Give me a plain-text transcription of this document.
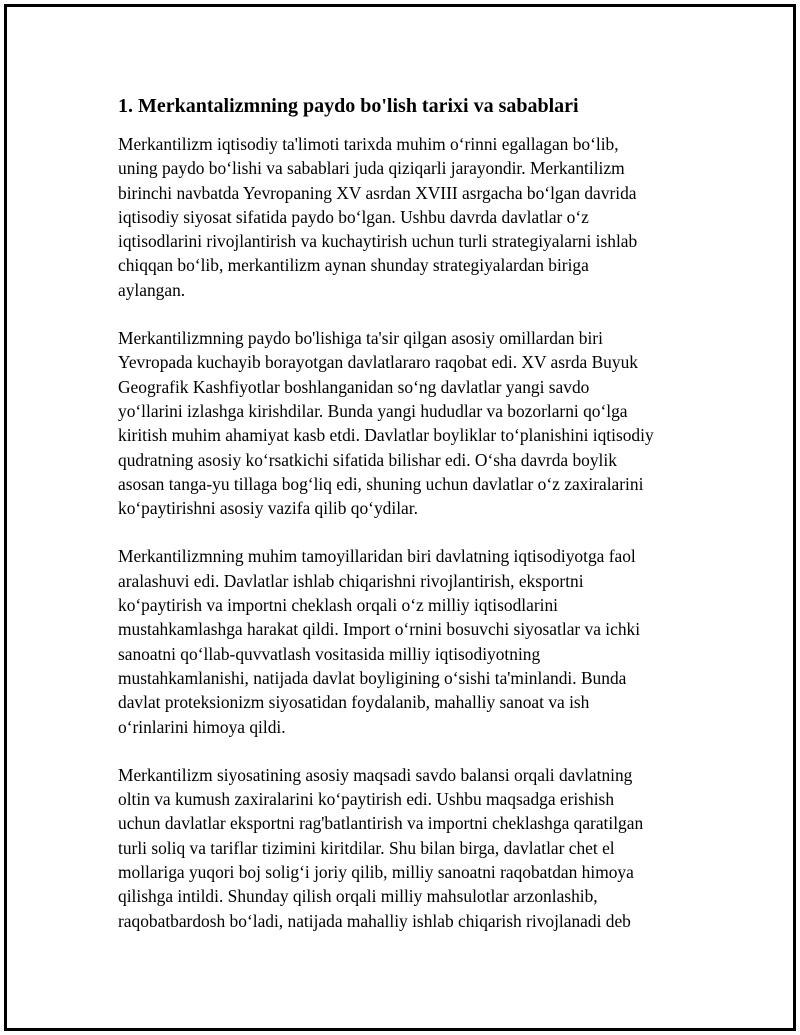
1. Merkantalizmning paydo bo'lish tarixi va sabablari
Merkantilizm iqtisodiy ta'limoti tarixda muhim oʻrinni egallagan boʻlib,
uning paydo boʻlishi va sabablari juda qiziqarli jarayondir. Merkantilizm
birinchi navbatda Yevropaning XV asrdan XVIII asrgacha boʻlgan davrida
iqtisodiy siyosat sifatida paydo boʻlgan. Ushbu davrda davlatlar oʻz
iqtisodlarini rivojlantirish va kuchaytirish uchun turli strategiyalarni ishlab
chiqqan boʻlib, merkantilizm aynan shunday strategiyalardan biriga
aylangan.
Merkantilizmning paydo bo'lishiga ta'sir qilgan asosiy omillardan biri
Yevropada kuchayib borayotgan davlatlararo raqobat edi. XV asrda Buyuk
Geografik Kashfiyotlar boshlanganidan soʻng davlatlar yangi savdo
yoʻllarini izlashga kirishdilar. Bunda yangi hududlar va bozorlarni qoʻlga
kiritish muhim ahamiyat kasb etdi. Davlatlar boyliklar toʻplanishini iqtisodiy
qudratning asosiy koʻrsatkichi sifatida bilishar edi. Oʻsha davrda boylik
asosan tanga-yu tillaga bogʻliq edi, shuning uchun davlatlar oʻz zaxiralarini
koʻpaytirishni asosiy vazifa qilib qoʻydilar.
Merkantilizmning muhim tamoyillaridan biri davlatning iqtisodiyotga faol
aralashuvi edi. Davlatlar ishlab chiqarishni rivojlantirish, eksportni
koʻpaytirish va importni cheklash orqali oʻz milliy iqtisodlarini
mustahkamlashga harakat qildi. Import oʻrnini bosuvchi siyosatlar va ichki
sanoatni qoʻllab-quvvatlash vositasida milliy iqtisodiyotning
mustahkamlanishi, natijada davlat boyligining oʻsishi ta'minlandi. Bunda
davlat proteksionizm siyosatidan foydalanib, mahalliy sanoat va ish
oʻrinlarini himoya qildi.
Merkantilizm siyosatining asosiy maqsadi savdo balansi orqali davlatning
oltin va kumush zaxiralarini koʻpaytirish edi. Ushbu maqsadga erishish
uchun davlatlar eksportni rag'batlantirish va importni cheklashga qaratilgan
turli soliq va tariflar tizimini kiritdilar. Shu bilan birga, davlatlar chet el
mollariga yuqori boj soligʻi joriy qilib, milliy sanoatni raqobatdan himoya
qilishga intildi. Shunday qilish orqali milliy mahsulotlar arzonlashib,
raqobatbardosh boʻladi, natijada mahalliy ishlab chiqarish rivojlanadi deb
